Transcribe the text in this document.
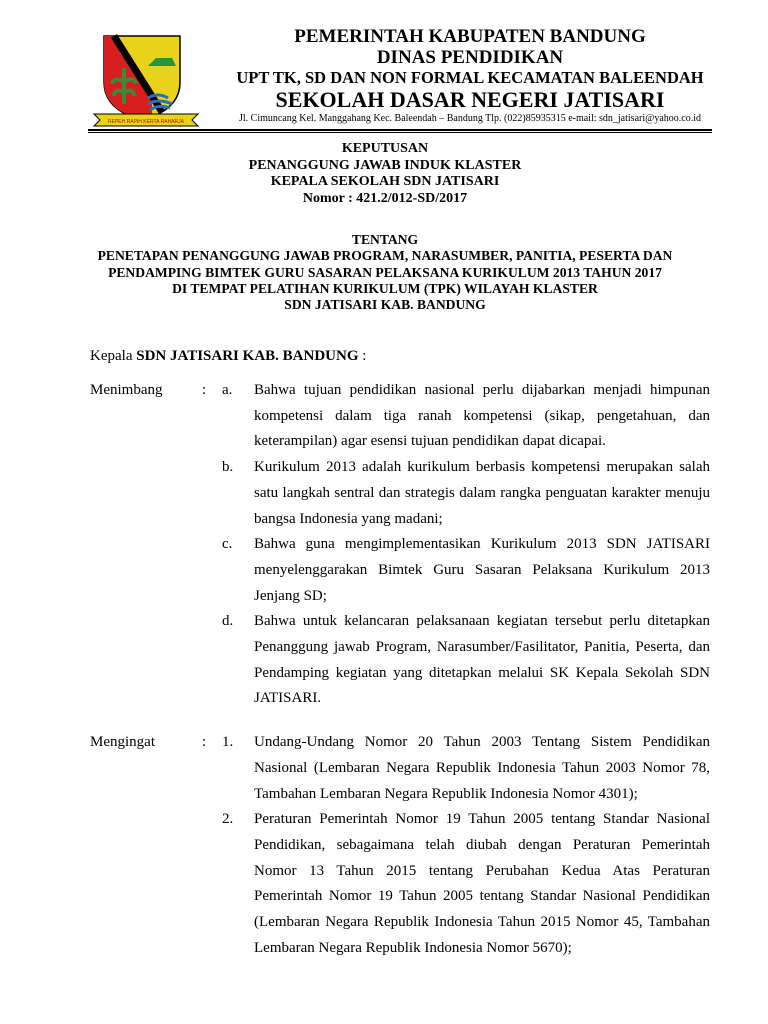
REPEH RAPIH KERTA RAHARJA
PEMERINTAH KABUPATEN BANDUNG
DINAS PENDIDIKAN
UPT TK, SD DAN NON FORMAL KECAMATAN BALEENDAH
SEKOLAH DASAR NEGERI JATISARI
Jl. Cimuncang Kel. Manggahang Kec. Baleendah – Bandung Tlp. (022)85935315 e-mail: sdn_jatisari@yahoo.co.id
KEPUTUSAN
PENANGGUNG JAWAB INDUK KLASTER
KEPALA SEKOLAH SDN JATISARI
Nomor : 421.2/012-SD/2017
TENTANG
PENETAPAN PENANGGUNG JAWAB PROGRAM, NARASUMBER, PANITIA, PESERTA DAN
PENDAMPING BIMTEK GURU SASARAN PELAKSANA KURIKULUM 2013 TAHUN 2017
DI TEMPAT PELATIHAN KURIKULUM (TPK) WILAYAH KLASTER
SDN JATISARI KAB. BANDUNG
Kepala SDN JATISARI KAB. BANDUNG :
Menimbang	: a. Bahwa tujuan pendidikan nasional perlu dijabarkan menjadi himpunan kompetensi dalam tiga ranah kompetensi (sikap, pengetahuan, dan keterampilan) agar esensi tujuan pendidikan dapat dicapai.
b. Kurikulum 2013 adalah kurikulum berbasis kompetensi merupakan salah satu langkah sentral dan strategis dalam rangka penguatan karakter menuju bangsa Indonesia yang madani;
c. Bahwa guna mengimplementasikan Kurikulum 2013 SDN JATISARI menyelenggarakan Bimtek Guru Sasaran Pelaksana Kurikulum 2013 Jenjang SD;
d. Bahwa untuk kelancaran pelaksanaan kegiatan tersebut perlu ditetapkan Penanggung jawab Program, Narasumber/Fasilitator, Panitia, Peserta, dan Pendamping kegiatan yang ditetapkan melalui SK Kepala Sekolah SDN JATISARI.
Mengingat	: 1. Undang-Undang Nomor 20 Tahun 2003 Tentang Sistem Pendidikan Nasional (Lembaran Negara Republik Indonesia Tahun 2003 Nomor 78, Tambahan Lembaran Negara Republik Indonesia Nomor 4301);
2. Peraturan Pemerintah Nomor 19 Tahun 2005 tentang Standar Nasional Pendidikan, sebagaimana telah diubah dengan Peraturan Pemerintah Nomor 13 Tahun 2015 tentang Perubahan Kedua Atas Peraturan Pemerintah Nomor 19 Tahun 2005 tentang Standar Nasional Pendidikan (Lembaran Negara Republik Indonesia Tahun 2015 Nomor 45, Tambahan Lembaran Negara Republik Indonesia Nomor 5670);
